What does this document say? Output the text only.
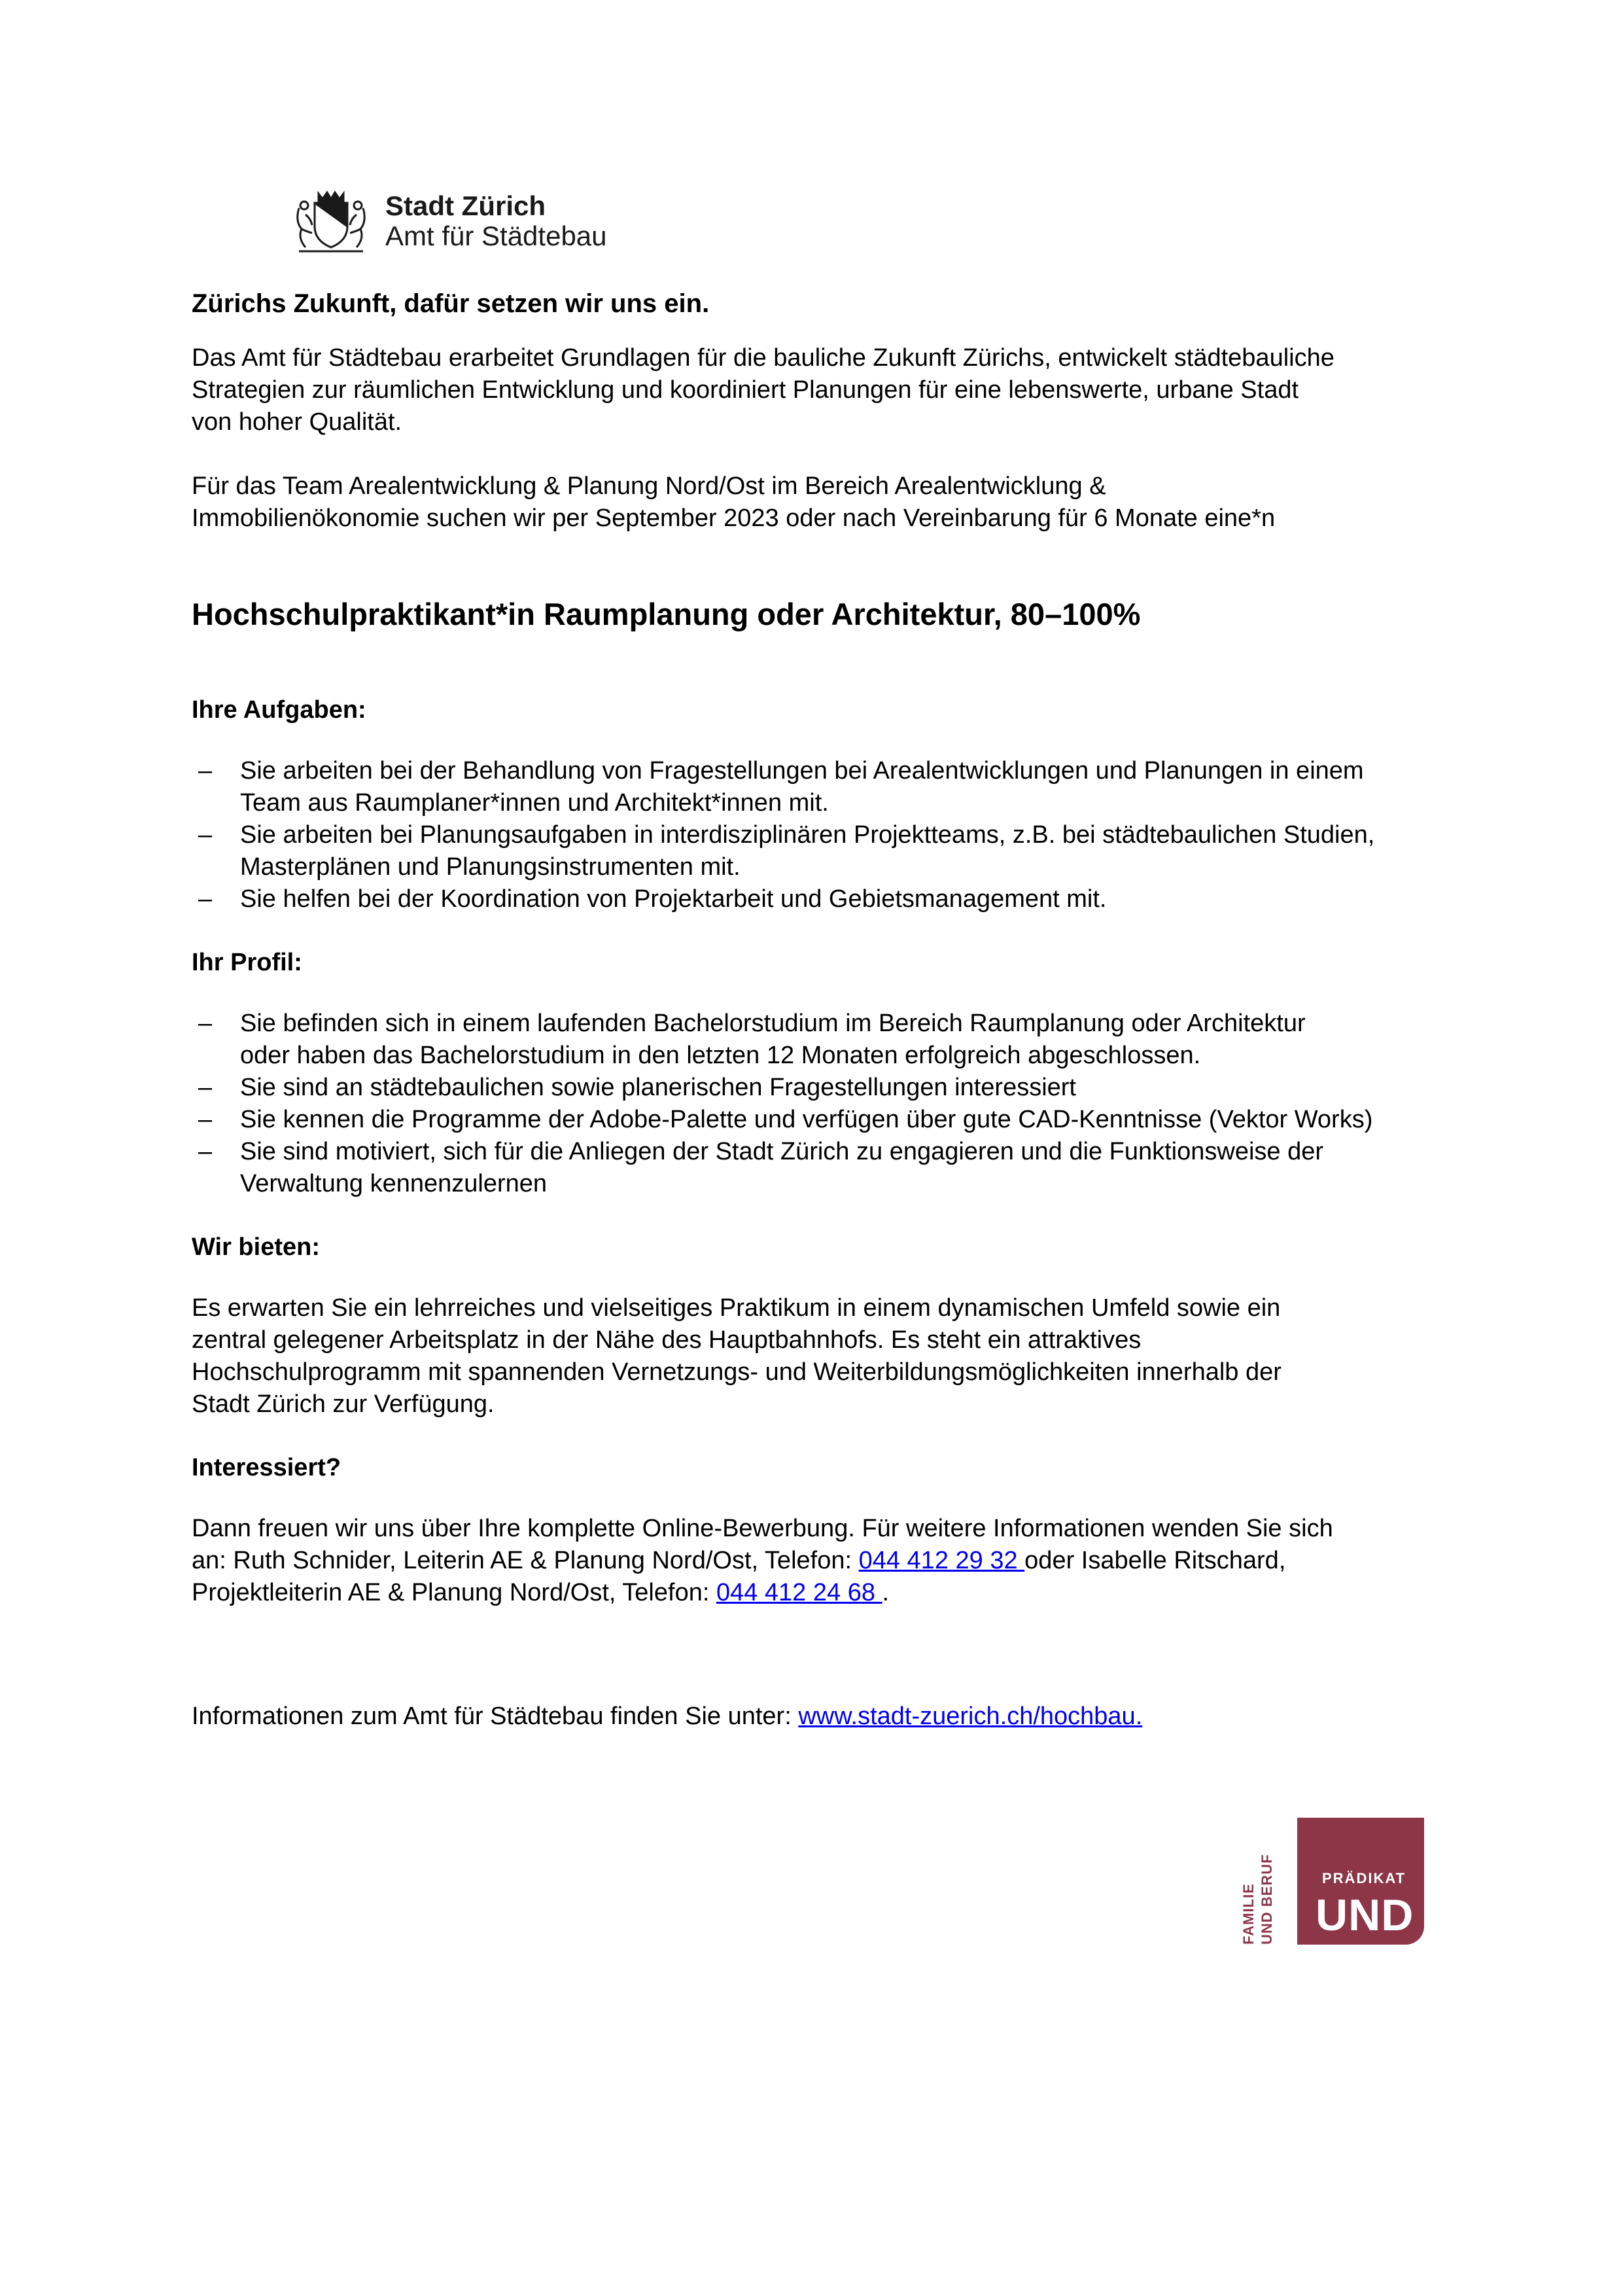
Stadt Zürich
Amt für Städtebau

Zürichs Zukunft, dafür setzen wir uns ein.

Das Amt für Städtebau erarbeitet Grundlagen für die bauliche Zukunft Zürichs, entwickelt städtebauliche

Strategien zur räumlichen Entwicklung und koordiniert Planungen für eine lebenswerte, urbane Stadt

von hoher Qualität.

Für das Team Arealentwicklung & Planung Nord/Ost im Bereich Arealentwicklung &

Immobilienökonomie suchen wir per September 2023 oder nach Vereinbarung für 6 Monate eine*n

Hochschulpraktikant*in Raumplanung oder Architektur, 80–100%

Ihre Aufgaben:

– Sie arbeiten bei der Behandlung von Fragestellungen bei Arealentwicklungen und Planungen in einem
Team aus Raumplaner*innen und Architekt*innen mit.
– Sie arbeiten bei Planungsaufgaben in interdisziplinären Projektteams, z.B. bei städtebaulichen Studien,
Masterplänen und Planungsinstrumenten mit.
– Sie helfen bei der Koordination von Projektarbeit und Gebietsmanagement mit.

Ihr Profil:

– Sie befinden sich in einem laufenden Bachelorstudium im Bereich Raumplanung oder Architektur
oder haben das Bachelorstudium in den letzten 12 Monaten erfolgreich abgeschlossen.
– Sie sind an städtebaulichen sowie planerischen Fragestellungen interessiert
– Sie kennen die Programme der Adobe-Palette und verfügen über gute CAD-Kenntnisse (Vektor Works)
– Sie sind motiviert, sich für die Anliegen der Stadt Zürich zu engagieren und die Funktionsweise der
Verwaltung kennenzulernen

Wir bieten:

Es erwarten Sie ein lehrreiches und vielseitiges Praktikum in einem dynamischen Umfeld sowie ein

zentral gelegener Arbeitsplatz in der Nähe des Hauptbahnhofs. Es steht ein attraktives

Hochschulprogramm mit spannenden Vernetzungs- und Weiterbildungsmöglichkeiten innerhalb der

Stadt Zürich zur Verfügung.

Interessiert?

Dann freuen wir uns über Ihre komplette Online-Bewerbung. Für weitere Informationen wenden Sie sich

an: Ruth Schnider, Leiterin AE & Planung Nord/Ost, Telefon: 044 412 29 32 oder Isabelle Ritschard,

Projektleiterin AE & Planung Nord/Ost, Telefon: 044 412 24 68 .

Informationen zum Amt für Städtebau finden Sie unter: www.stadt-zuerich.ch/hochbau.

FAMILIE UND BERUF	PRÄDIKAT
UND
